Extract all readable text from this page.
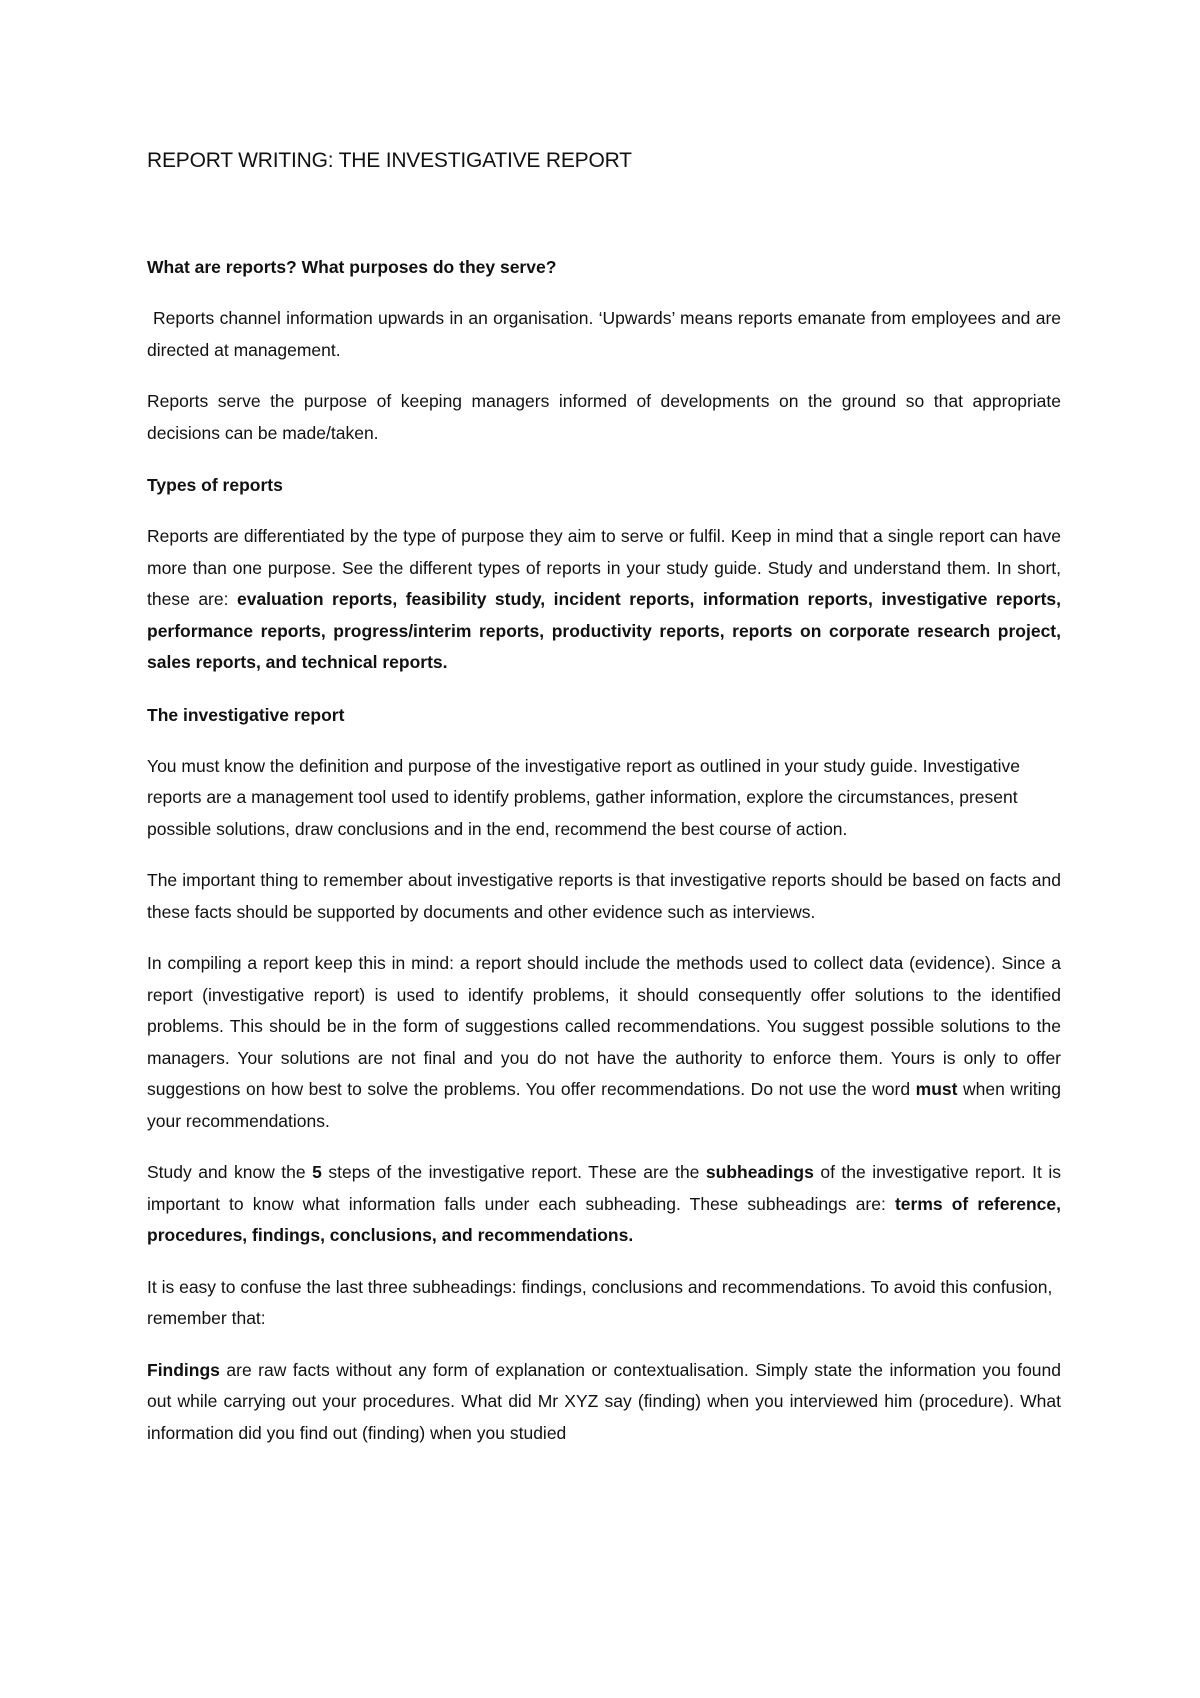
REPORT WRITING: THE INVESTIGATIVE REPORT

What are reports? What purposes do they serve?

Reports channel information upwards in an organisation. ‘Upwards’ means reports emanate from employees and are directed at management.

Reports serve the purpose of keeping managers informed of developments on the ground so that appropriate decisions can be made/taken.

Types of reports

Reports are differentiated by the type of purpose they aim to serve or fulfil. Keep in mind that a single report can have more than one purpose. See the different types of reports in your study guide. Study and understand them. In short, these are: evaluation reports, feasibility study, incident reports, information reports, investigative reports, performance reports, progress/interim reports, productivity reports, reports on corporate research project, sales reports, and technical reports.

The investigative report

You must know the definition and purpose of the investigative report as outlined in your study guide. Investigative reports are a management tool used to identify problems, gather information, explore the circumstances, present possible solutions, draw conclusions and in the end, recommend the best course of action.

The important thing to remember about investigative reports is that investigative reports should be based on facts and these facts should be supported by documents and other evidence such as interviews.

In compiling a report keep this in mind: a report should include the methods used to collect data (evidence). Since a report (investigative report) is used to identify problems, it should consequently offer solutions to the identified problems. This should be in the form of suggestions called recommendations. You suggest possible solutions to the managers. Your solutions are not final and you do not have the authority to enforce them. Yours is only to offer suggestions on how best to solve the problems. You offer recommendations. Do not use the word must when writing your recommendations.

Study and know the 5 steps of the investigative report. These are the subheadings of the investigative report. It is important to know what information falls under each subheading. These subheadings are: terms of reference, procedures, findings, conclusions, and recommendations.

It is easy to confuse the last three subheadings: findings, conclusions and recommendations. To avoid this confusion, remember that:

Findings are raw facts without any form of explanation or contextualisation. Simply state the information you found out while carrying out your procedures. What did Mr XYZ say (finding) when you interviewed him (procedure). What information did you find out (finding) when you studied
